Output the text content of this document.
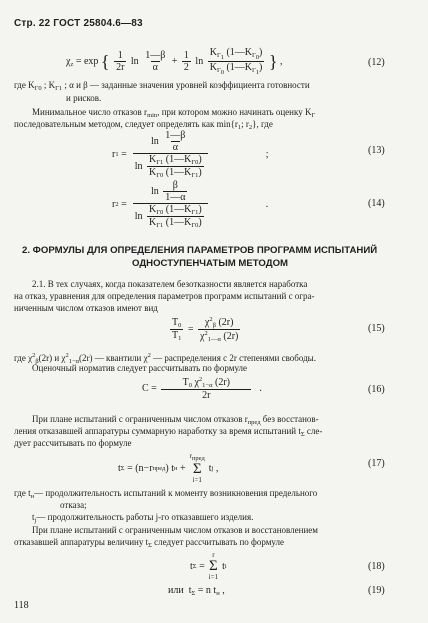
Стр. 22 ГОСТ 25804.6—83
$\chi_z = \exp$ { $\frac{1}{2r}$ $\ln \frac{1—\beta}{\alpha} + \frac{1}{2}$ $\ln \frac{K_{Г_1} (1—K_{Г_0})}{K_{Г_0} (1—K_{Г_1})}$ } ,	(12)
где $K_{Г0}$ ; $K_{Г1}$ ; α и β — заданные значения уровней коэффициента готовности
и рисков.
Минимальное число отказов $r_{min}$, при котором можно начинать оценку $K_Г$
последовательным методом, следует определять как $\min\{r_1$; $r_2$}, где
r 1
= $\frac{\ln \frac{1—\beta}{\alpha}}{\ln \frac{K_{Г1} (1—K_{Г0})}{K_{Г0} (1—K_{Г1})}}$	;	(13)
r 2
= $\frac{\ln \frac{\beta}{1—\alpha}}{\ln \frac{K_{Г0} (1—K_{Г1})}{K_{Г1} (1—K_{Г0})}}$	.	(14)
2. ФОРМУЛЫ ДЛЯ ОПРЕДЕЛЕНИЯ ПАРАМЕТРОВ ПРОГРАММ ИСПЫТАНИЙ
ОДНОСТУПЕНЧАТЫМ МЕТОДОМ
2.1. В тех случаях, когда показателем безотказности является наработка
на отказ, уравнения для определения параметров программ испытаний с огра-
ниченным числом отказов имеют вид
$\frac{T_0}{T_1}$
=
$\frac{\chi^2_\beta (2r)}{\chi^2_{1—\alpha} (2r)}$	(15)
где $\chi^2_\beta(2r)$ и $\chi^2_{1-\alpha}(2r)$ — квантили $\chi^2$ — распределения с 2r степенями свободы.
Оценочный норматив следует рассчитывать по формуле
C =
$\frac{T_0 \chi^2_{1-\alpha} (2r)}{2r}$ .	(16)
При плане испытаний с ограниченным числом отказов $r_{пред}$ без восстанов-
ления отказавшей аппаратуры суммарную наработку за время испытаний $t_\Sigma$ сле-
дует рассчитывать по формуле
t Σ
= (n−r пред ) t н
+
$r_{пред}$
Σ
i=1
t j
,	(17)
где $t_н—$ продолжительность испытаний к моменту возникновения предельного
отказа;
$t_j—$ продолжительность работы j-го отказавшего изделия.
При плане испытаний с ограниченным числом отказов и восстановлением
отказавшей аппаратуры величину $t_\Sigma$ следует рассчитывать по формуле
t Σ
=
r
Σ
i=1
t i	(18)
или $t_\Sigma = n$ $t_н$ ,	(19)
118
